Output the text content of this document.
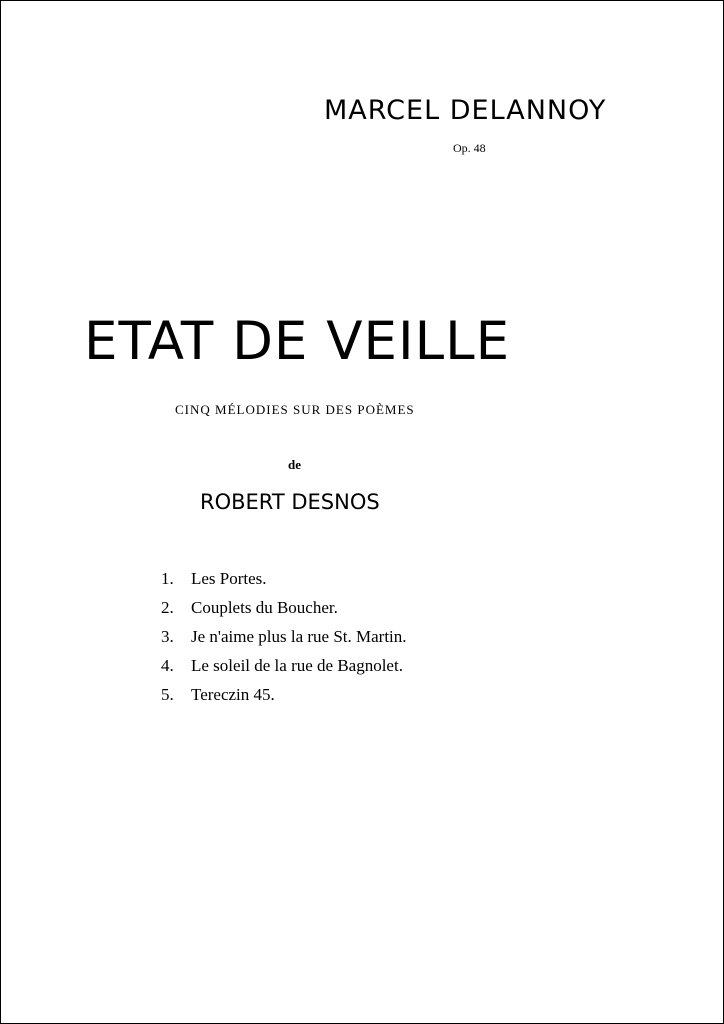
MARCEL DELANNOY
Op. 48
ETAT DE VEILLE
CINQ MÉLODIES SUR DES POÈMES
de
ROBERT DESNOS
1. Les Portes.
2. Couplets du Boucher.
3. Je n'aime plus la rue St. Martin.
4. Le soleil de la rue de Bagnolet.
5. Tereczin 45.
